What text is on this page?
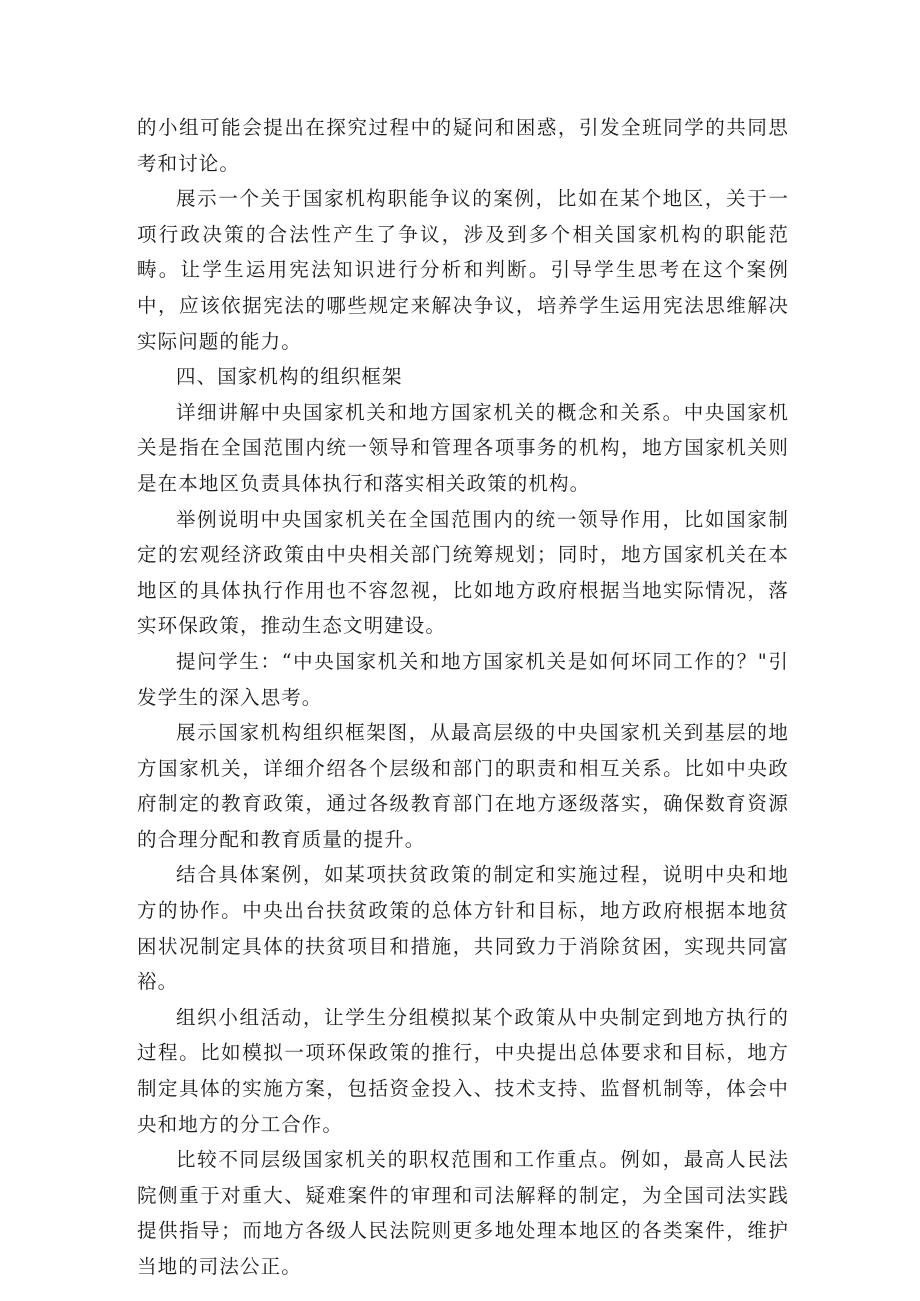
的小组可能会提出在探究过程中的疑问和困惑，引发全班同学的共同思考和讨论。

展示一个关于国家机构职能争议的案例，比如在某个地区，关于一项行政决策的合法性产生了争议，涉及到多个相关国家机构的职能范畴。让学生运用宪法知识进行分析和判断。引导学生思考在这个案例中，应该依据宪法的哪些规定来解决争议，培养学生运用宪法思维解决实际问题的能力。

四、国家机构的组织框架

详细讲解中央国家机关和地方国家机关的概念和关系。中央国家机关是指在全国范围内统一领导和管理各项事务的机构，地方国家机关则是在本地区负责具体执行和落实相关政策的机构。

举例说明中央国家机关在全国范围内的统一领导作用，比如国家制定的宏观经济政策由中央相关部门统筹规划；同时，地方国家机关在本地区的具体执行作用也不容忽视，比如地方政府根据当地实际情况，落实环保政策，推动生态文明建设。

提问学生：“中央国家机关和地方国家机关是如何坏同工作的？"引发学生的深入思考。

展示国家机构组织框架图，从最高层级的中央国家机关到基层的地方国家机关，详细介绍各个层级和部门的职责和相互关系。比如中央政府制定的教育政策，通过各级教育部门在地方逐级落实，确保数育资源的合理分配和教育质量的提升。

结合具体案例，如某项扶贫政策的制定和实施过程，说明中央和地方的协作。中央出台扶贫政策的总体方针和目标，地方政府根据本地贫困状况制定具体的扶贫项目和措施，共同致力于消除贫困，实现共同富裕。

组织小组活动，让学生分组模拟某个政策从中央制定到地方执行的过程。比如模拟一项环保政策的推行，中央提出总体要求和目标，地方制定具体的实施方案，包括资金投入、技术支持、监督机制等，体会中央和地方的分工合作。

比较不同层级国家机关的职权范围和工作重点。例如，最高人民法院侧重于对重大、疑难案件的审理和司法解释的制定，为全国司法实践提供指导；而地方各级人民法院则更多地处理本地区的各类案件，维护当地的司法公正。
